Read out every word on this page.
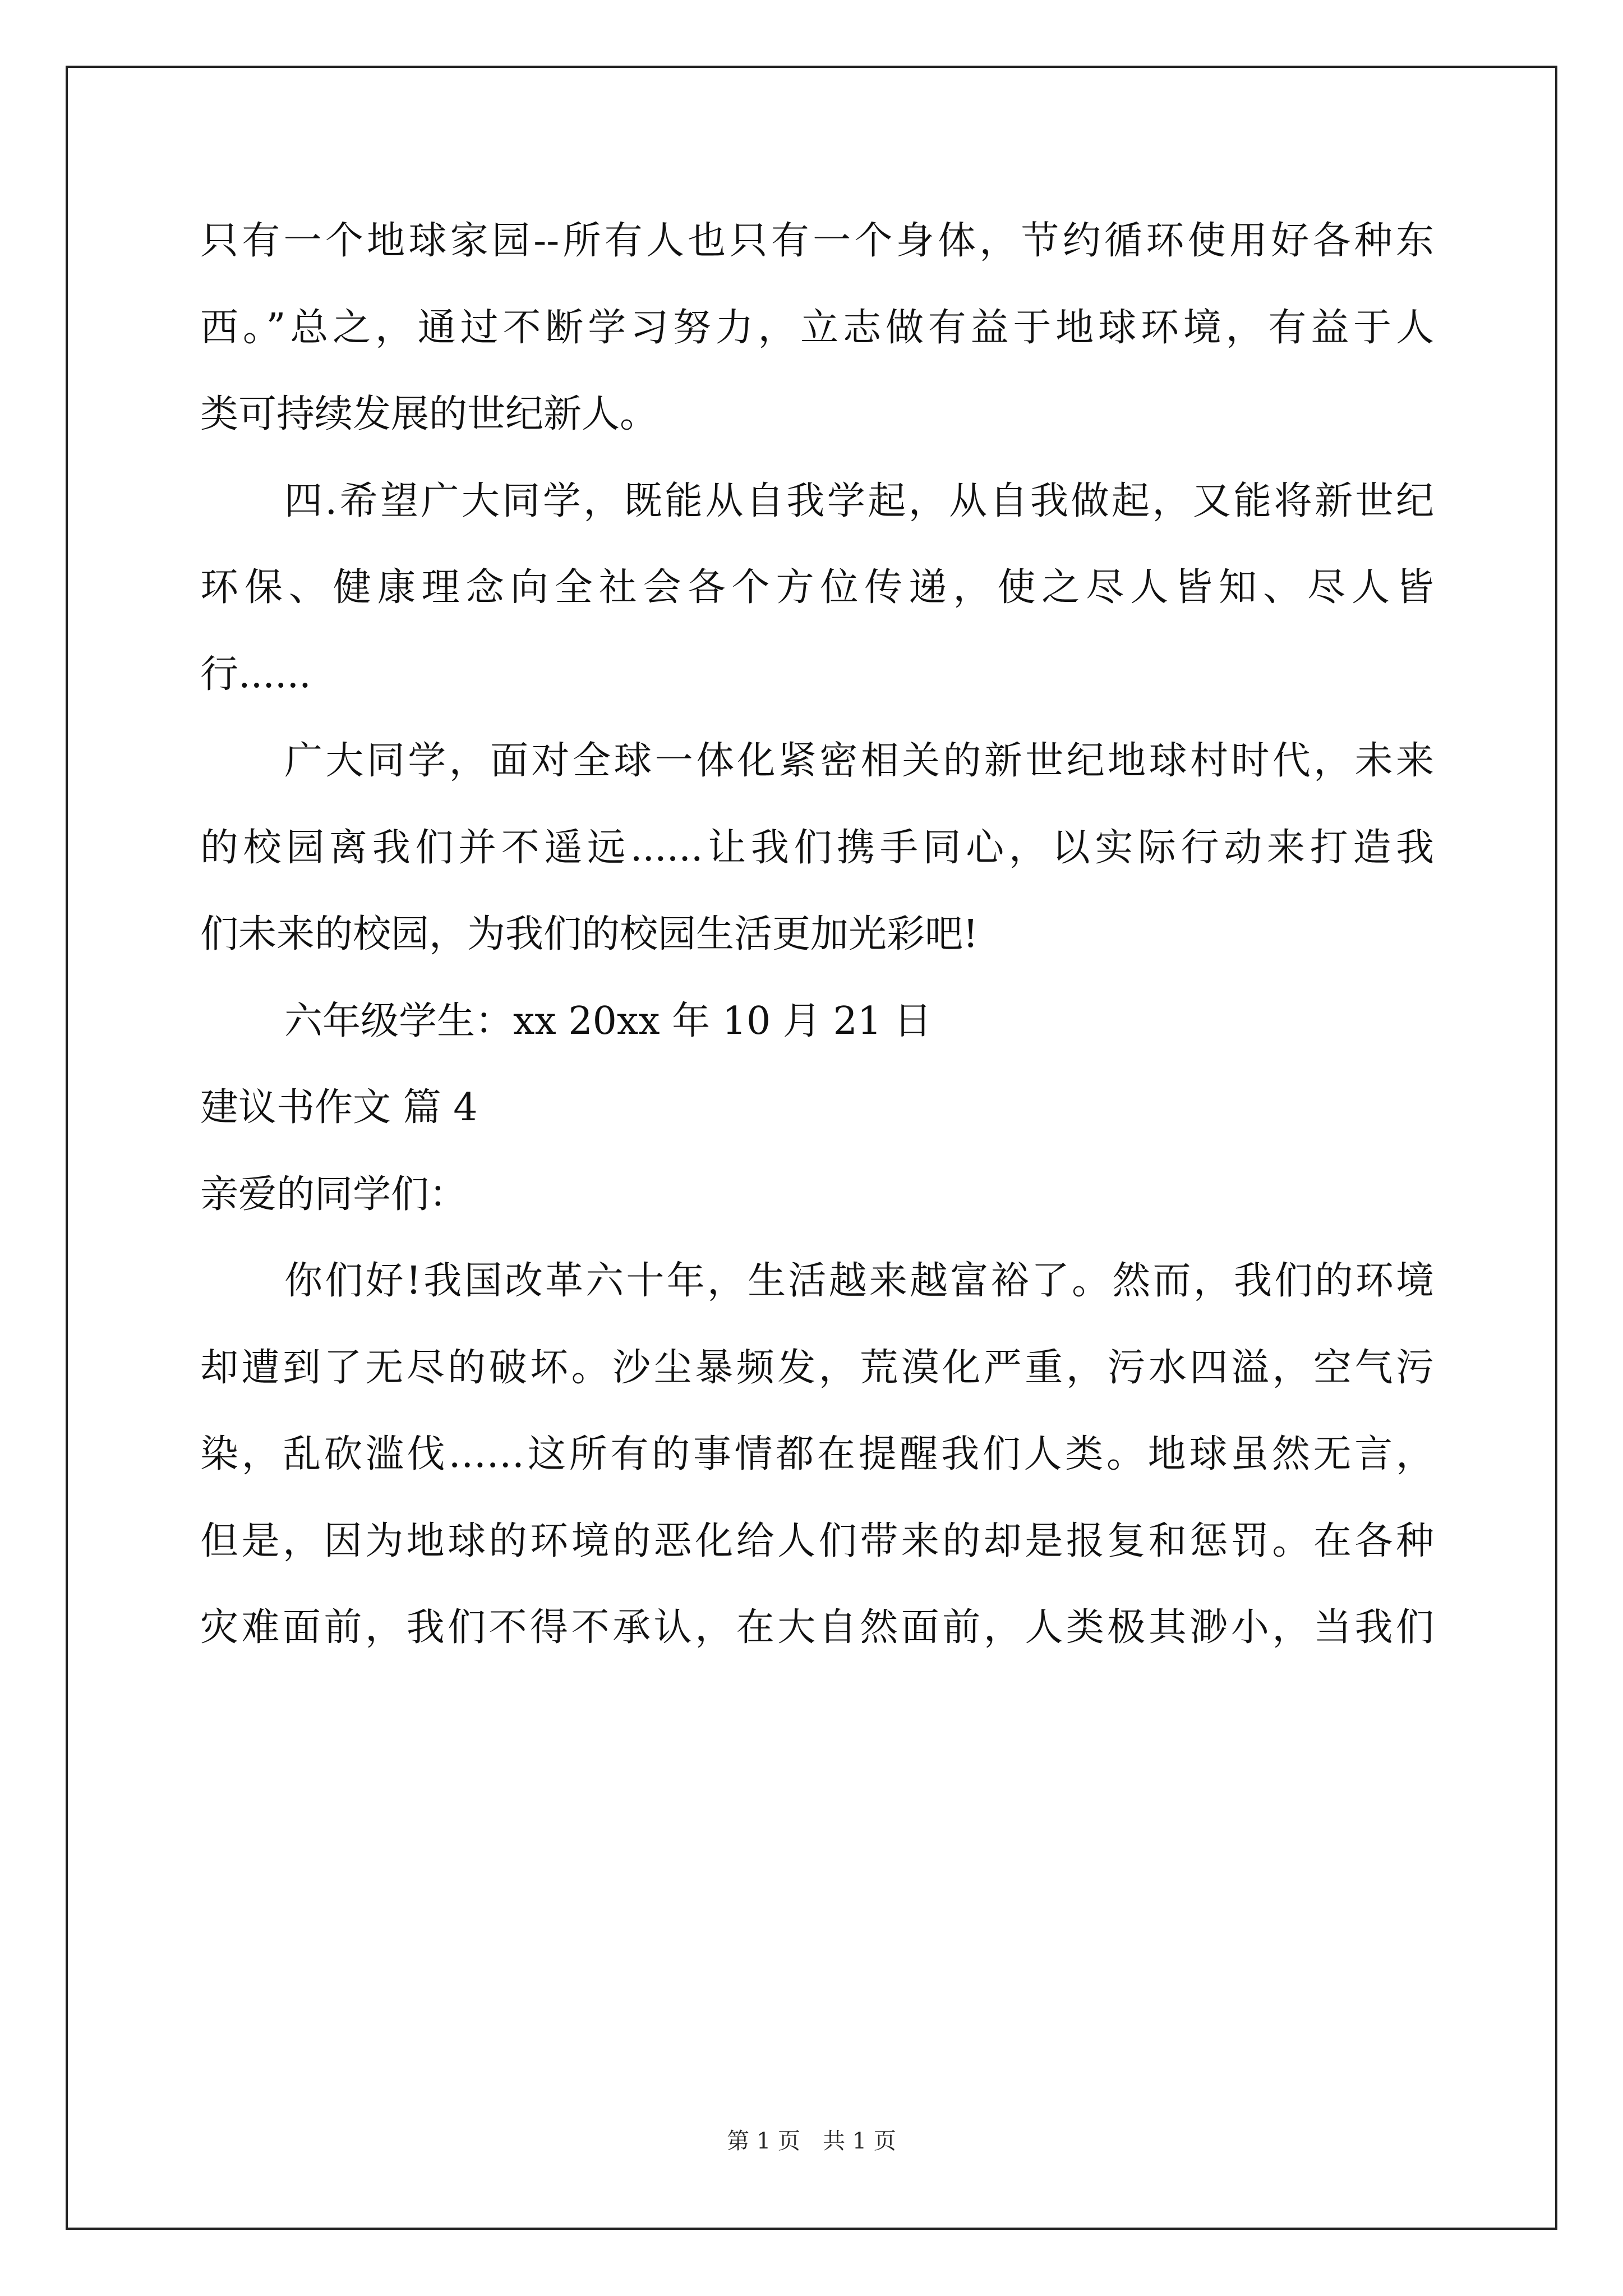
只有一个地球家园--所有人也只有一个身体，节约循环使用好各种东
西。”总之，通过不断学习努力，立志做有益于地球环境，有益于人
类可持续发展的世纪新人。
四.希望广大同学，既能从自我学起，从自我做起，又能将新世纪
环保、健康理念向全社会各个方位传递，使之尽人皆知、尽人皆
行......
广大同学，面对全球一体化紧密相关的新世纪地球村时代，未来
的校园离我们并不遥远......让我们携手同心，以实际行动来打造我
们未来的校园，为我们的校园生活更加光彩吧!
六年级学生：xx 20xx 年 10 月 21 日
建议书作文 篇 4
亲爱的同学们：
你们好!我国改革六十年，生活越来越富裕了。然而，我们的环境
却遭到了无尽的破坏。沙尘暴频发，荒漠化严重，污水四溢，空气污
染，乱砍滥伐……这所有的事情都在提醒我们人类。地球虽然无言，
但是，因为地球的环境的恶化给人们带来的却是报复和惩罚。在各种
灾难面前，我们不得不承认，在大自然面前，人类极其渺小，当我们
第 1 页　共 1 页
